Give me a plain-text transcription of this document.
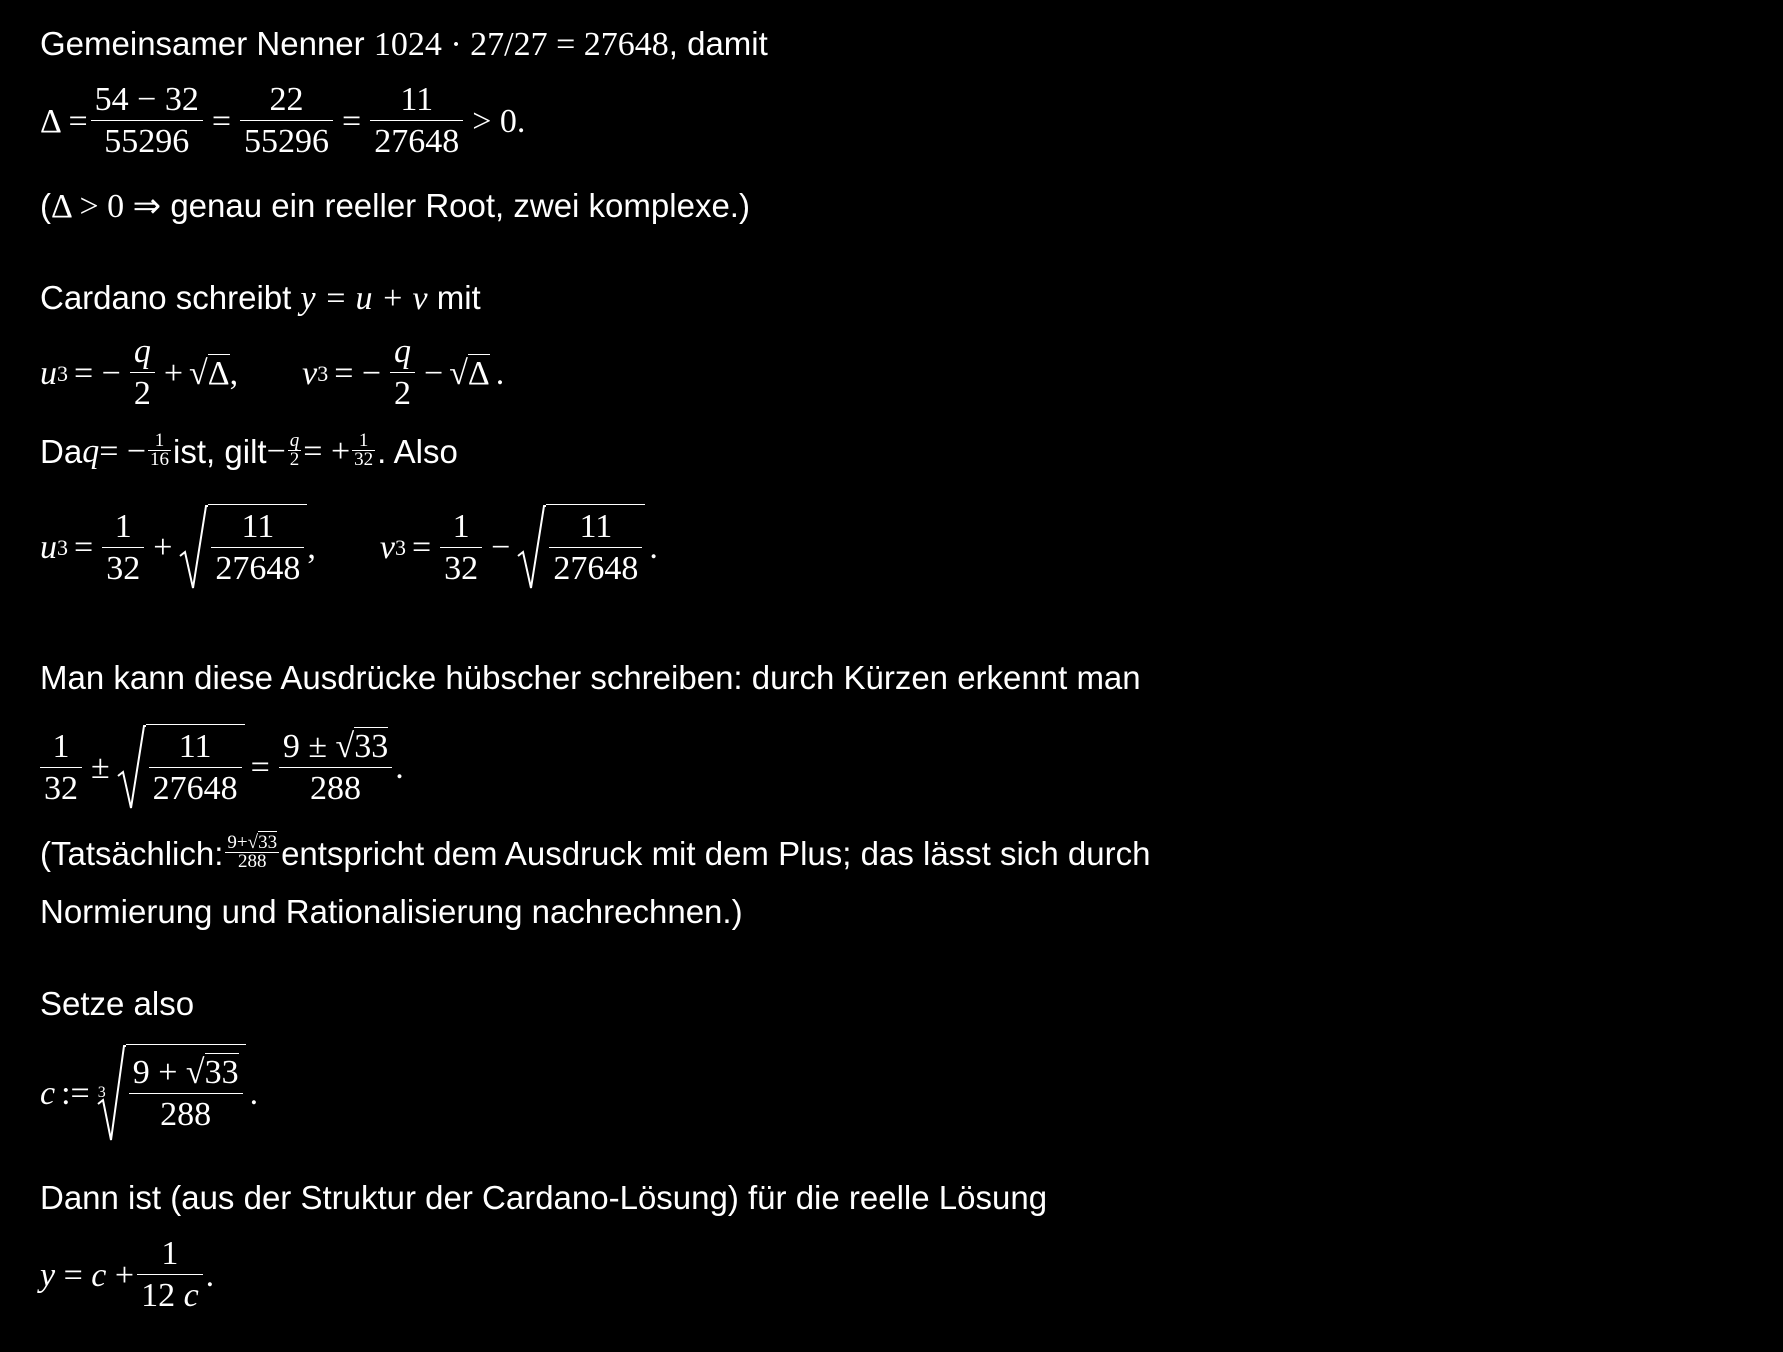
Gemeinsamer Nenner 1024 · 27/27 = 27648, damit
$\Delta = \frac{54 - 32}{55296} = \frac{22}{55296} = \frac{11}{27648} > 0$.
(Δ > 0 ⇒ genau ein reeller Root, zwei komplexe.)
Cardano schreibt y = u + v mit
u 3 = − $\frac{q}{2}$ + √ Δ , v 3 = − $\frac{q}{2}$ − √ Δ .
Da q = − $\frac{1}{16}$ ist, gilt − $\frac{q}{2}$ = + $\frac{1}{32}$ . Also
u $3 = \frac{1}{32} + \frac{11}{27648}$ , v $3 = \frac{1}{32} - \frac{11}{27648}$ .
Man kann diese Ausdrücke hübscher schreiben: durch Kürzen erkennt man
$\frac{1}{32} \pm \frac{11}{27648} = \frac{9 \pm √33}{288}$ .
(Tatsächlich: $\frac{9+√33}{288}$ entspricht dem Ausdruck mit dem Plus; das lässt sich durch
Normierung und Rationalisierung nachrechnen.)
Setze also
c := $3 \frac{9 + √33}{288}$ .
Dann ist (aus der Struktur der Cardano-Lösung) für die reelle Lösung
$y = c + \frac{1}{12 c}$ .
